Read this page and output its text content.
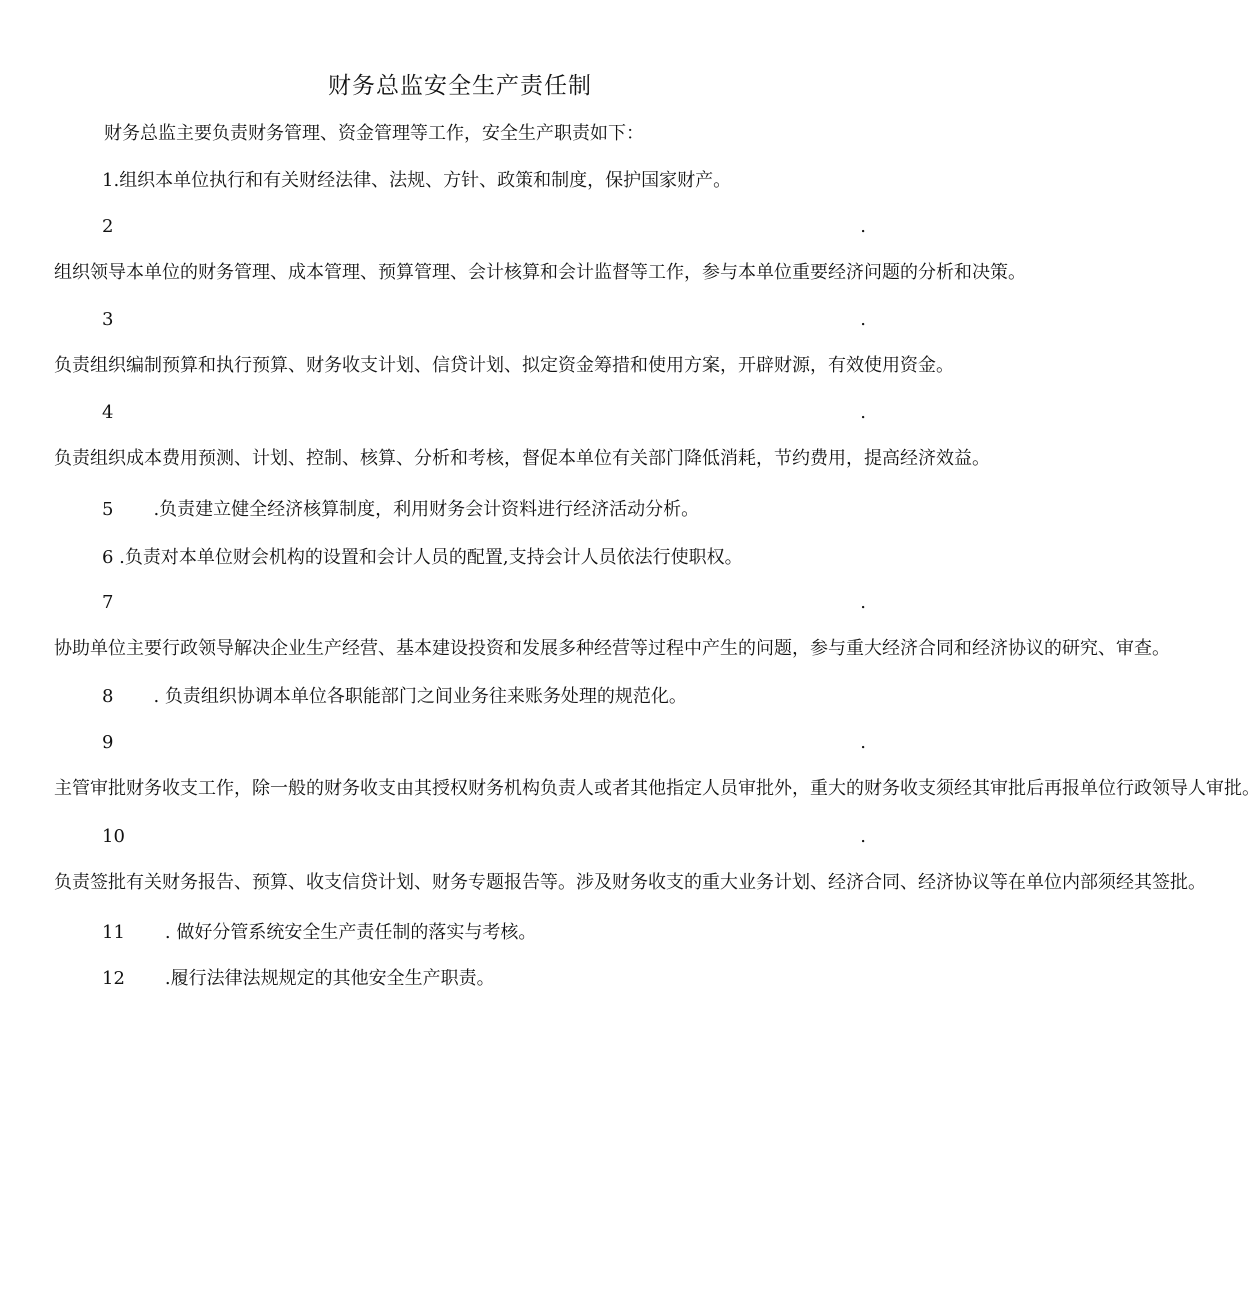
财务总监安全生产责任制
财务总监主要负责财务管理、资金管理等工作，安全生产职责如下：
1.组织本单位执行和有关财经法律、法规、方针、政策和制度，保护国家财产。
2 .组织领导本单位的财务管理、成本管理、预算管理、会计核算和会计监督等工作，参与本单位重要经济问题的分析和决策。
3 .负责组织编制预算和执行预算、财务收支计划、信贷计划、拟定资金筹措和使用方案，开辟财源，有效使用资金。
4 .负责组织成本费用预测、计划、控制、核算、分析和考核，督促本单位有关部门降低消耗，节约费用，提高经济效益。
5 .负责建立健全经济核算制度，利用财务会计资料进行经济活动分析。
6 .负责对本单位财会机构的设置和会计人员的配置,支持会计人员依法行使职权。
7 .协助单位主要行政领导解决企业生产经营、基本建设投资和发展多种经营等过程中产生的问题，参与重大经济合同和经济协议的研究、审查。
8 . 负责组织协调本单位各职能部门之间业务往来账务处理的规范化。
9 .主管审批财务收支工作，除一般的财务收支由其授权财务机构负责人或者其他指定人员审批外，重大的财务收支须经其审批后再报单位行政领导人审批。
10 .负责签批有关财务报告、预算、收支信贷计划、财务专题报告等。涉及财务收支的重大业务计划、经济合同、经济协议等在单位内部须经其签批。
11 . 做好分管系统安全生产责任制的落实与考核。
12 .履行法律法规规定的其他安全生产职责。
